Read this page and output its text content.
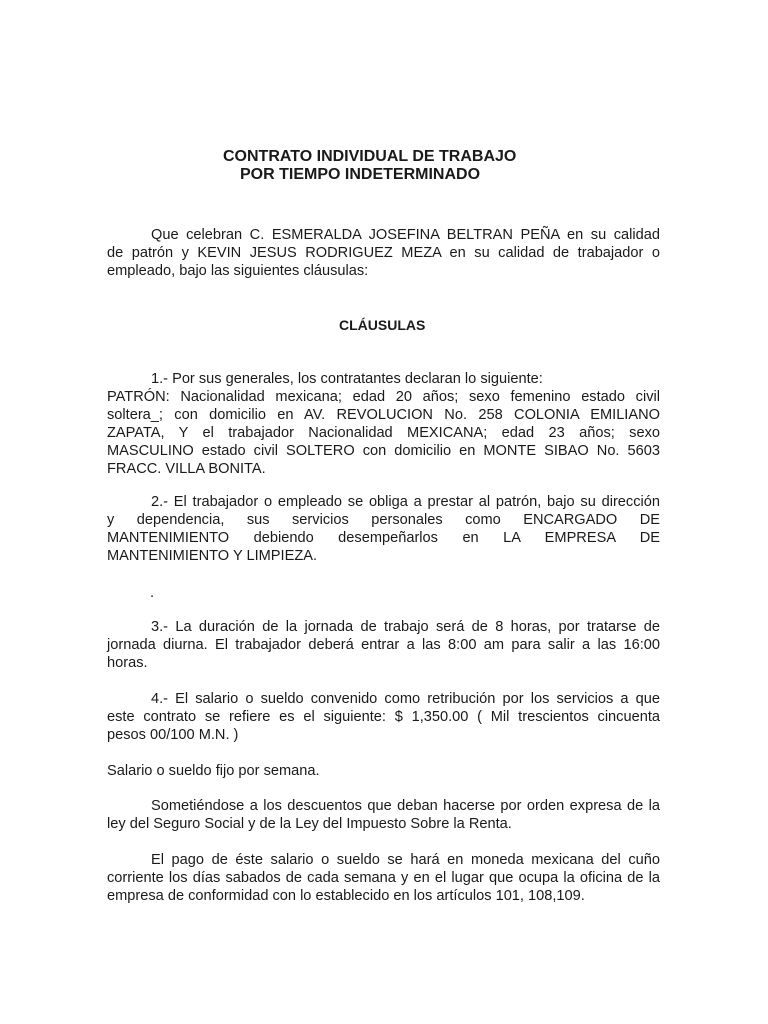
CONTRATO INDIVIDUAL DE TRABAJO
POR TIEMPO INDETERMINADO
Que celebran C. ESMERALDA JOSEFINA BELTRAN PEÑA en su calidad
de patrón y KEVIN JESUS RODRIGUEZ MEZA en su calidad de trabajador o
empleado, bajo las siguientes cláusulas:
CLÁUSULAS
1.- Por sus generales, los contratantes declaran lo siguiente:
PATRÓN: Nacionalidad mexicana; edad 20 años; sexo femenino estado civil
soltera_; con domicilio en AV. REVOLUCION No. 258 COLONIA EMILIANO
ZAPATA, Y el trabajador Nacionalidad MEXICANA; edad 23 años; sexo
MASCULINO estado civil SOLTERO con domicilio en MONTE SIBAO No. 5603
FRACC. VILLA BONITA.
2.- El trabajador o empleado se obliga a prestar al patrón, bajo su dirección
y dependencia, sus servicios personales como ENCARGADO DE
MANTENIMIENTO debiendo desempeñarlos en LA EMPRESA DE
MANTENIMIENTO Y LIMPIEZA.
.
3.- La duración de la jornada de trabajo será de 8 horas, por tratarse de
jornada diurna. El trabajador deberá entrar a las 8:00 am para salir a las 16:00
horas.
4.- El salario o sueldo convenido como retribución por los servicios a que
este contrato se refiere es el siguiente: $ 1,350.00 ( Mil trescientos cincuenta
pesos 00/100 M.N. )
Salario o sueldo fijo por semana.
Sometiéndose a los descuentos que deban hacerse por orden expresa de la
ley del Seguro Social y de la Ley del Impuesto Sobre la Renta.
El pago de éste salario o sueldo se hará en moneda mexicana del cuño
corriente los días sabados de cada semana y en el lugar que ocupa la oficina de la
empresa de conformidad con lo establecido en los artículos 101, 108,109.
